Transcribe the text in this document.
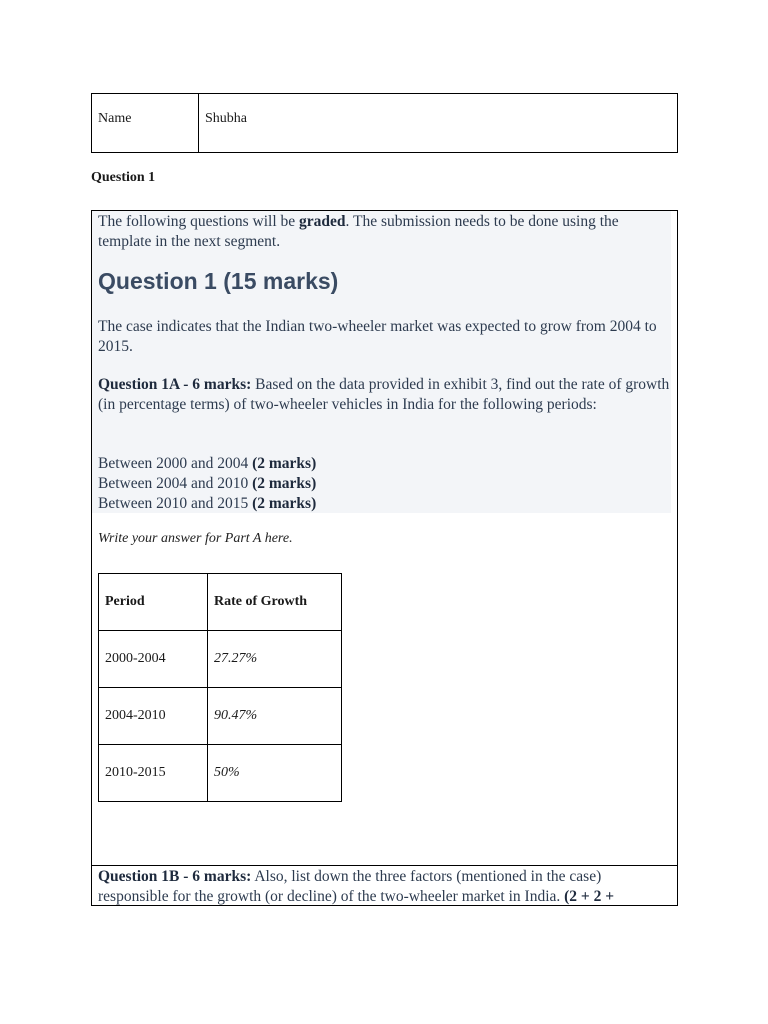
Name	Shubha
Question 1
The following questions will be graded. The submission needs to be done using the template in the next segment.
Question 1 (15 marks)
The case indicates that the Indian two-wheeler market was expected to grow from 2004 to 2015.
Question 1A - 6 marks: Based on the data provided in exhibit 3, find out the rate of growth (in percentage terms) of two-wheeler vehicles in India for the following periods:
Between 2000 and 2004 (2 marks)
Between 2004 and 2010 (2 marks)
Between 2010 and 2015 (2 marks)
Write your answer for Part A here.
Period	Rate of Growth
2000-2004	27.27%
2004-2010	90.47%
2010-2015	50%
Question 1B - 6 marks: Also, list down the three factors (mentioned in the case) responsible for the growth (or decline) of the two-wheeler market in India. (2 + 2 +
